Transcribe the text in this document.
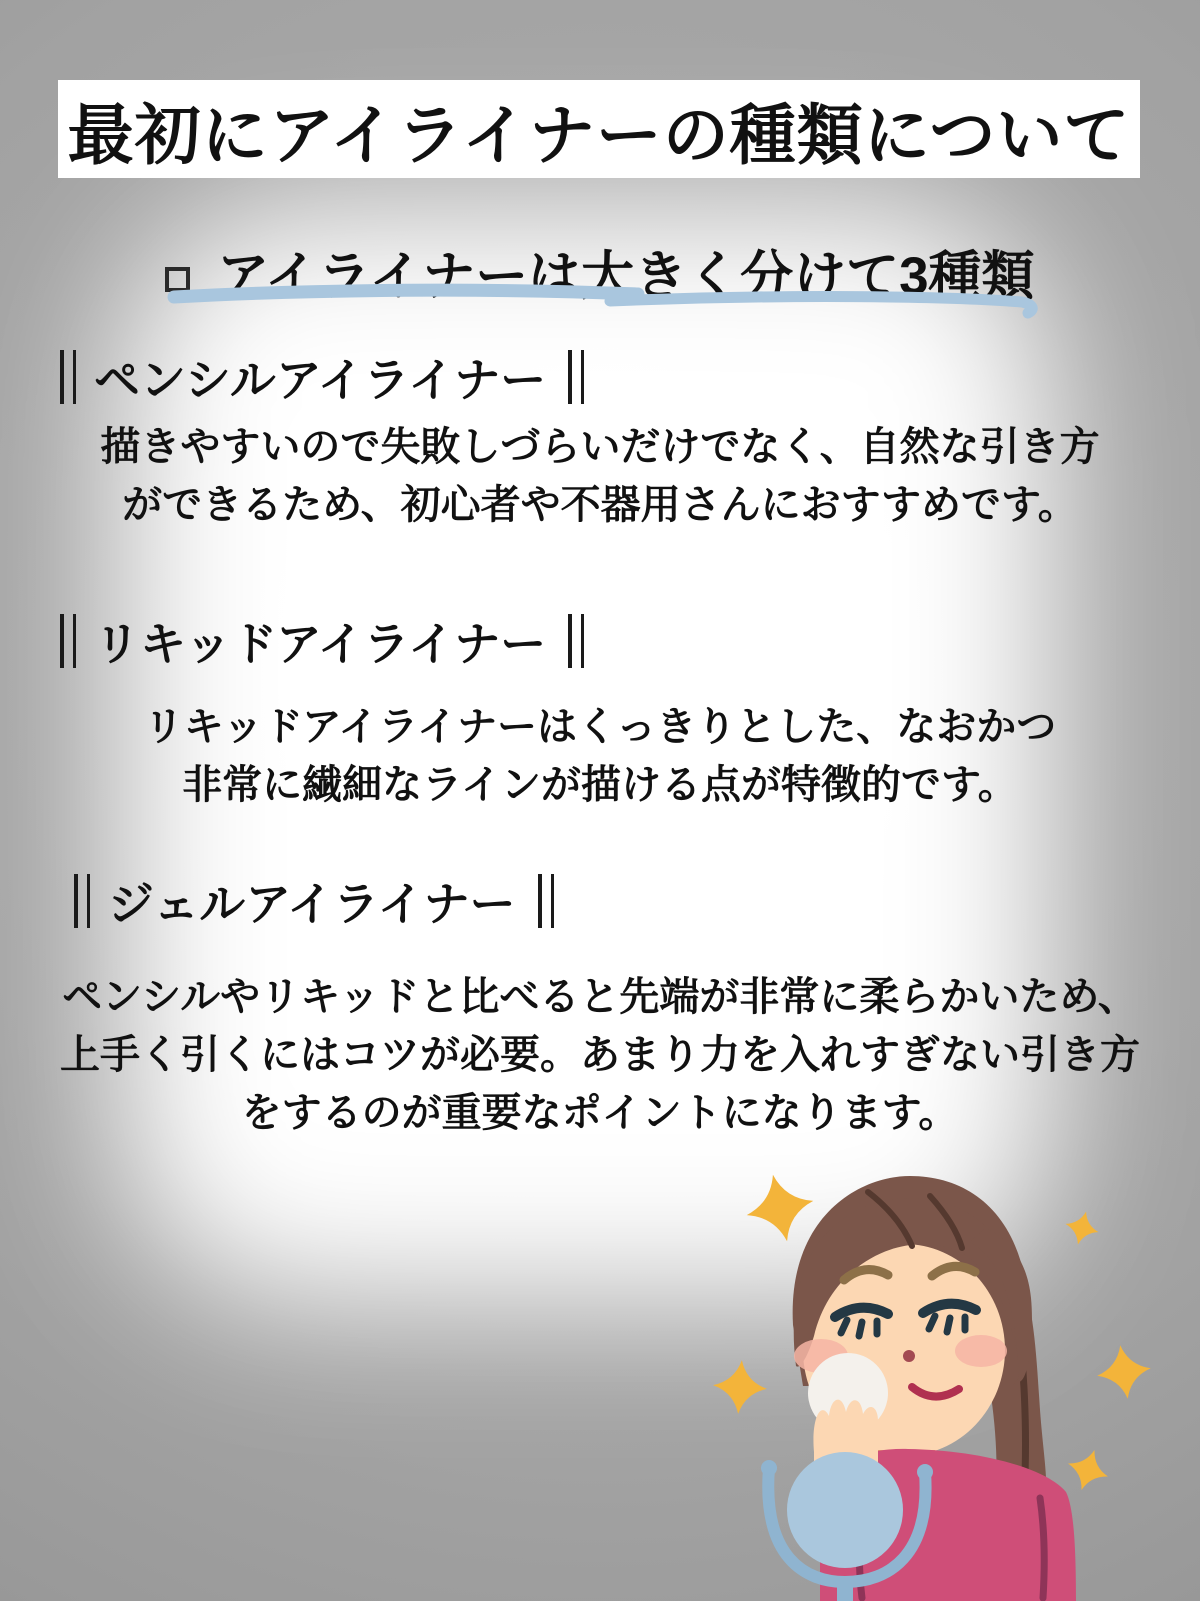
最初にアイライナーの種類について
アイライナーは大きく分けて3種類
ペンシルアイライナー
描きやすいので失敗しづらいだけでなく、自然な引き方
ができるため、初心者や不器用さんにおすすめです。
リキッドアイライナー
リキッドアイライナーはくっきりとした、なおかつ
非常に繊細なラインが描ける点が特徴的です。
ジェルアイライナー
ペンシルやリキッドと比べると先端が非常に柔らかいため、
上手く引くにはコツが必要。あまり力を入れすぎない引き方
をするのが重要なポイントになります。
